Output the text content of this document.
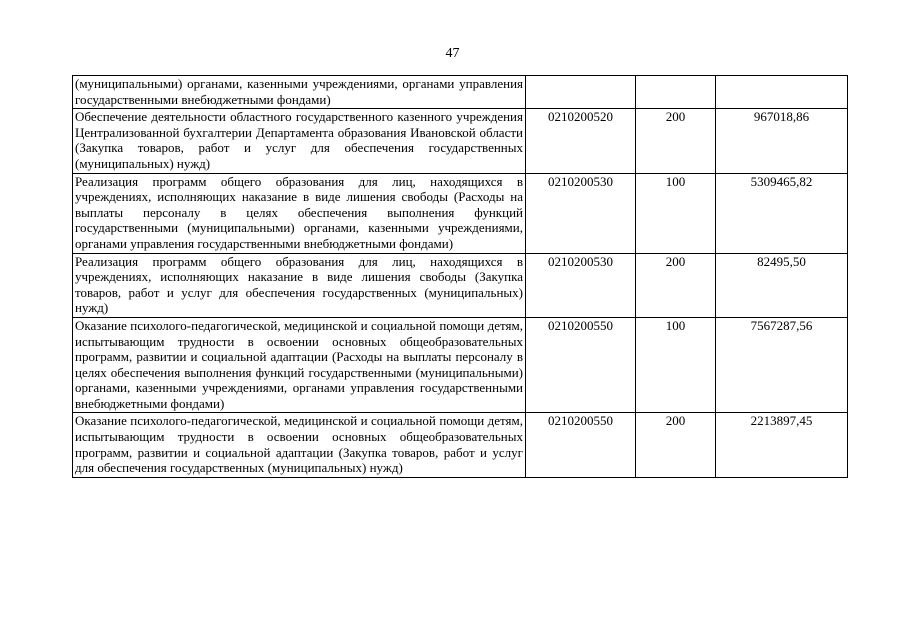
47
(муниципальными) органами, казенными учреждениями, органами управления государственными внебюджетными фондами)			
Обеспечение деятельности областного государственного казенного учреждения Централизованной бухгалтерии Департамента образования Ивановской области (Закупка товаров, работ и услуг для обеспечения государственных (муниципальных) нужд)	0210200520	200	967018,86
Реализация программ общего образования для лиц, находящихся в учреждениях, исполняющих наказание в виде лишения свободы (Расходы на выплаты персоналу в целях обеспечения выполнения функций государственными (муниципальными) органами, казенными учреждениями, органами управления государственными внебюджетными фондами)	0210200530	100	5309465,82
Реализация программ общего образования для лиц, находящихся в учреждениях, исполняющих наказание в виде лишения свободы (Закупка товаров, работ и услуг для обеспечения государственных (муниципальных) нужд)	0210200530	200	82495,50
Оказание психолого-педагогической, медицинской и социальной помощи детям, испытывающим трудности в освоении основных общеобразовательных программ, развитии и социальной адаптации (Расходы на выплаты персоналу в целях обеспечения выполнения функций государственными (муниципальными) органами, казенными учреждениями, органами управления государственными внебюджетными фондами)	0210200550	100	7567287,56
Оказание психолого-педагогической, медицинской и социальной помощи детям, испытывающим трудности в освоении основных общеобразовательных программ, развитии и социальной адаптации (Закупка товаров, работ и услуг для обеспечения государственных (муниципальных) нужд)	0210200550	200	2213897,45
